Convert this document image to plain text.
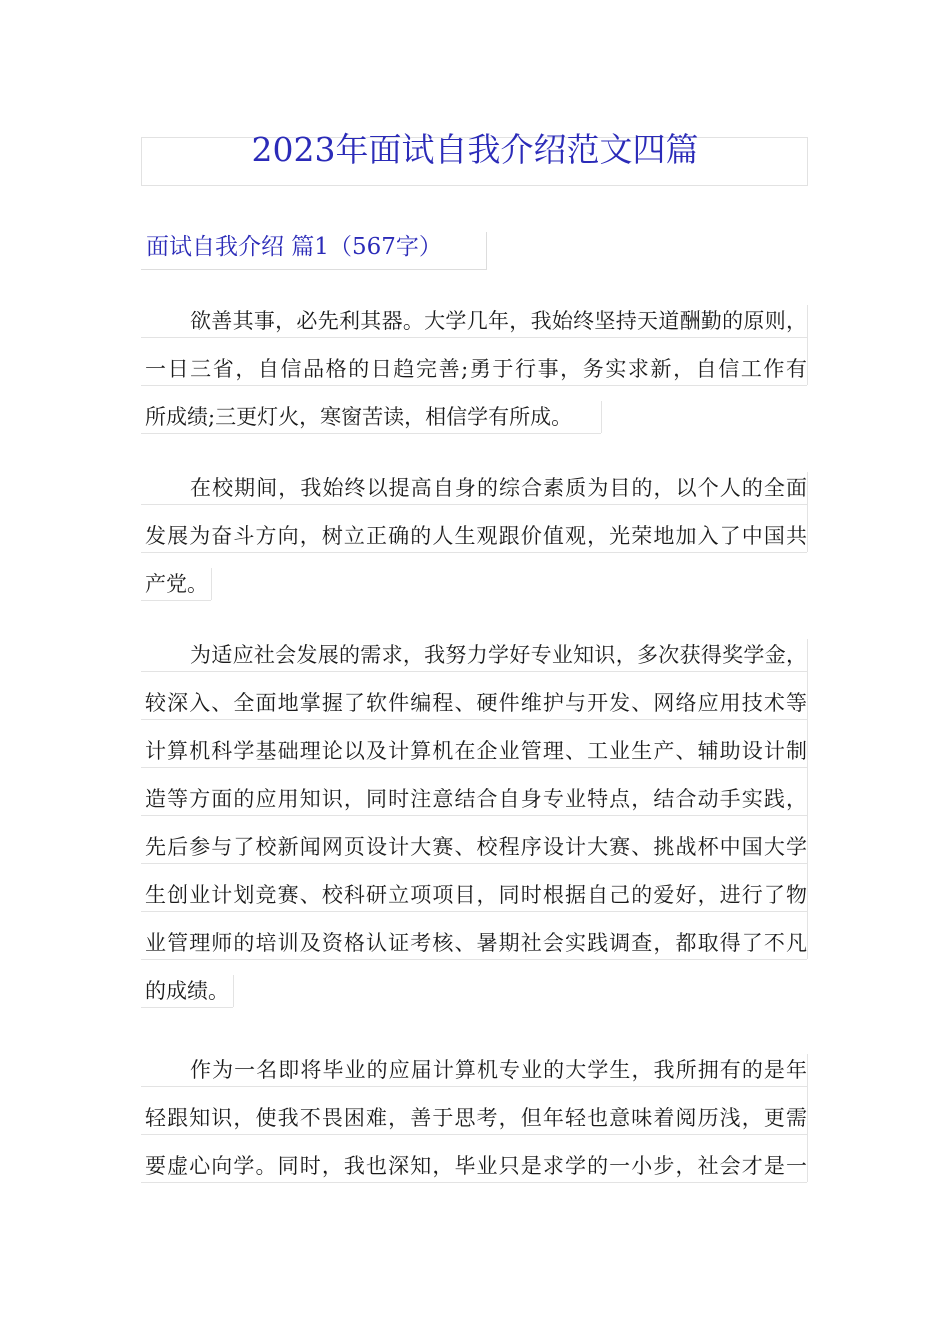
2023年面试自我介绍范文四篇
面试自我介绍 篇1（567字）
欲善其事，必先利其器。大学几年，我始终坚持天道酬勤的原则，
一日三省，自信品格的日趋完善;勇于行事，务实求新，自信工作有
所成绩;三更灯火，寒窗苦读，相信学有所成。
在校期间，我始终以提高自身的综合素质为目的，以个人的全面
发展为奋斗方向，树立正确的人生观跟价值观，光荣地加入了中国共
产党。
为适应社会发展的需求，我努力学好专业知识，多次获得奖学金，
较深入、全面地掌握了软件编程、硬件维护与开发、网络应用技术等
计算机科学基础理论以及计算机在企业管理、工业生产、辅助设计制
造等方面的应用知识，同时注意结合自身专业特点，结合动手实践，
先后参与了校新闻网页设计大赛、校程序设计大赛、挑战杯中国大学
生创业计划竞赛、校科研立项项目，同时根据自己的爱好，进行了物
业管理师的培训及资格认证考核、暑期社会实践调查，都取得了不凡
的成绩。
作为一名即将毕业的应届计算机专业的大学生，我所拥有的是年
轻跟知识，使我不畏困难，善于思考，但年轻也意味着阅历浅，更需
要虚心向学。同时，我也深知，毕业只是求学的一小步，社会才是一
